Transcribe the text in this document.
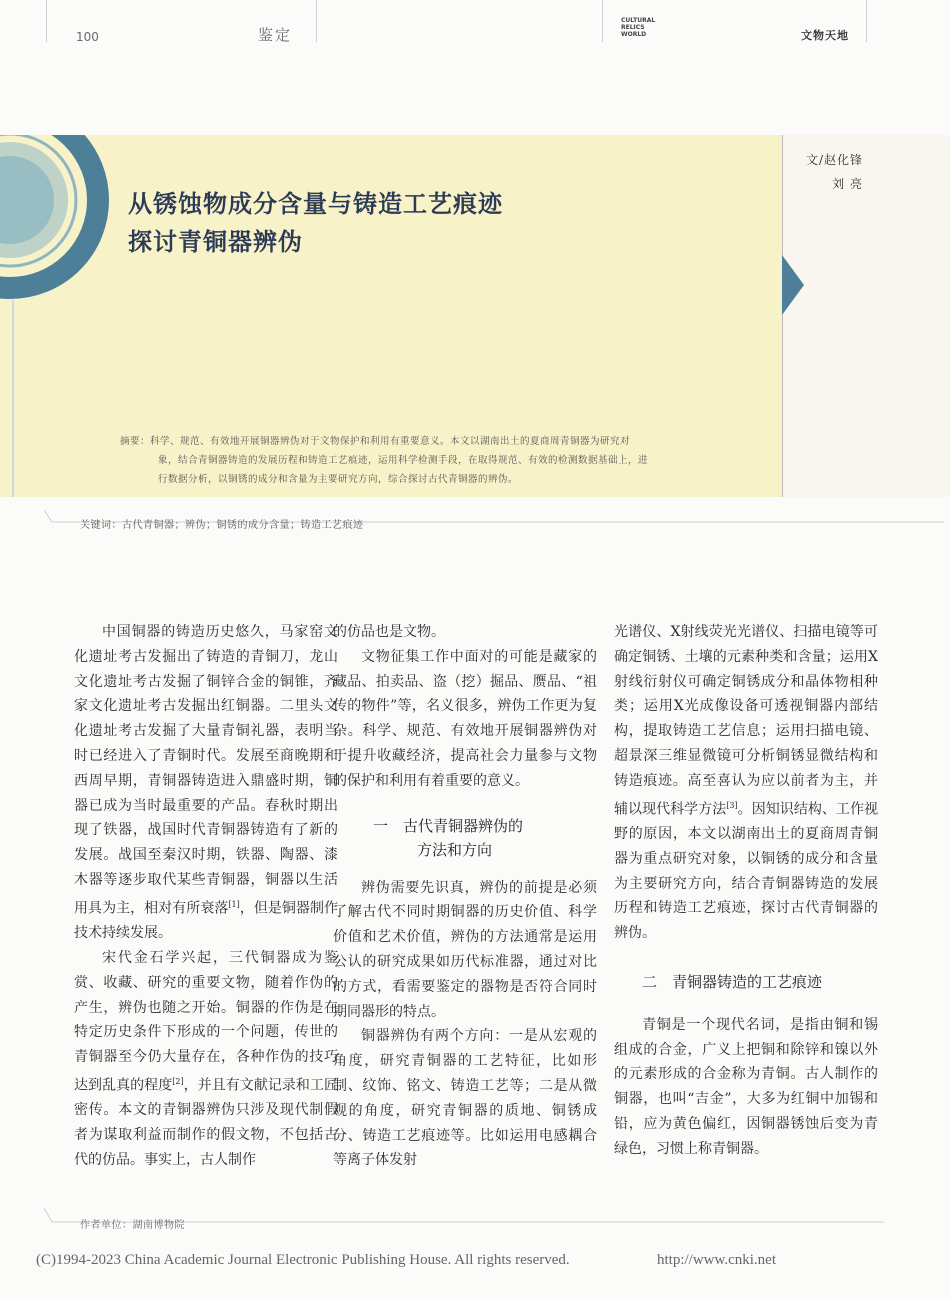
100	鉴定
CULTURAL
RELICS
WORLD	文物天地
从锈蚀物成分含量与铸造工艺痕迹
探讨青铜器辨伪
文/赵化锋
刘 亮
摘要：科学、规范、有效地开展铜器辨伪对于文物保护和利用有重要意义。本文以湖南出土的夏商周青铜器为研究对
象，结合青铜器铸造的发展历程和铸造工艺痕迹，运用科学检测手段，在取得规范、有效的检测数据基础上，进
行数据分析，以铜锈的成分和含量为主要研究方向，综合探讨古代青铜器的辨伪。
关键词：古代青铜器；辨伪；铜锈的成分含量；铸造工艺痕迹

中国铜器的铸造历史悠久，马家窑文化遗址考古发掘出了铸造的青铜刀，龙山文化遗址考古发掘了铜锌合金的铜锥，齐家文化遗址考古发掘出红铜器。二里头文化遗址考古发掘了大量青铜礼器，表明当时已经进入了青铜时代。发展至商晚期和西周早期，青铜器铸造进入鼎盛时期，铜器已成为当时最重要的产品。春秋时期出现了铁器，战国时代青铜器铸造有了新的发展。战国至秦汉时期，铁器、陶器、漆木器等逐步取代某些青铜器，铜器以生活用具为主，相对有所衰落[1]，但是铜器制作技术持续发展。

宋代金石学兴起，三代铜器成为鉴赏、收藏、研究的重要文物，随着作伪的产生，辨伪也随之开始。铜器的作伪是在特定历史条件下形成的一个问题，传世的青铜器至今仍大量存在，各种作伪的技巧达到乱真的程度[2]，并且有文献记录和工匠密传。本文的青铜器辨伪只涉及现代制假者为谋取利益而制作的假文物，不包括古代的仿品。事实上，古人制作

的仿品也是文物。

文物征集工作中面对的可能是藏家的藏品、拍卖品、盗（挖）掘品、赝品、“祖传的物件”等，名义很多，辨伪工作更为复杂。科学、规范、有效地开展铜器辨伪对于提升收藏经济，提高社会力量参与文物的保护和利用有着重要的意义。

一　古代青铜器辨伪的
方法和方向

辨伪需要先识真，辨伪的前提是必须了解古代不同时期铜器的历史价值、科学价值和艺术价值，辨伪的方法通常是运用公认的研究成果如历代标准器，通过对比的方式，看需要鉴定的器物是否符合同时期同器形的特点。

铜器辨伪有两个方向：一是从宏观的角度，研究青铜器的工艺特征，比如形制、纹饰、铭文、铸造工艺等；二是从微观的角度，研究青铜器的质地、铜锈成分、铸造工艺痕迹等。比如运用电感耦合等离子体发射

光谱仪、X射线荧光光谱仪、扫描电镜等可确定铜锈、土壤的元素种类和含量；运用X射线衍射仪可确定铜锈成分和晶体物相种类；运用X光成像设备可透视铜器内部结构，提取铸造工艺信息；运用扫描电镜、超景深三维显微镜可分析铜锈显微结构和铸造痕迹。高至喜认为应以前者为主，并辅以现代科学方法[3]。因知识结构、工作视野的原因，本文以湖南出土的夏商周青铜器为重点研究对象，以铜锈的成分和含量为主要研究方向，结合青铜器铸造的发展历程和铸造工艺痕迹，探讨古代青铜器的辨伪。

二　青铜器铸造的工艺痕迹

青铜是一个现代名词，是指由铜和锡组成的合金，广义上把铜和除锌和镍以外的元素形成的合金称为青铜。古人制作的铜器，也叫“吉金”，大多为红铜中加锡和铅，应为黄色偏红，因铜器锈蚀后变为青绿色，习惯上称青铜器。

作者单位：湖南博物院
(C)1994-2023 China Academic Journal Electronic Publishing House. All rights reserved.	http://www.cnki.net
